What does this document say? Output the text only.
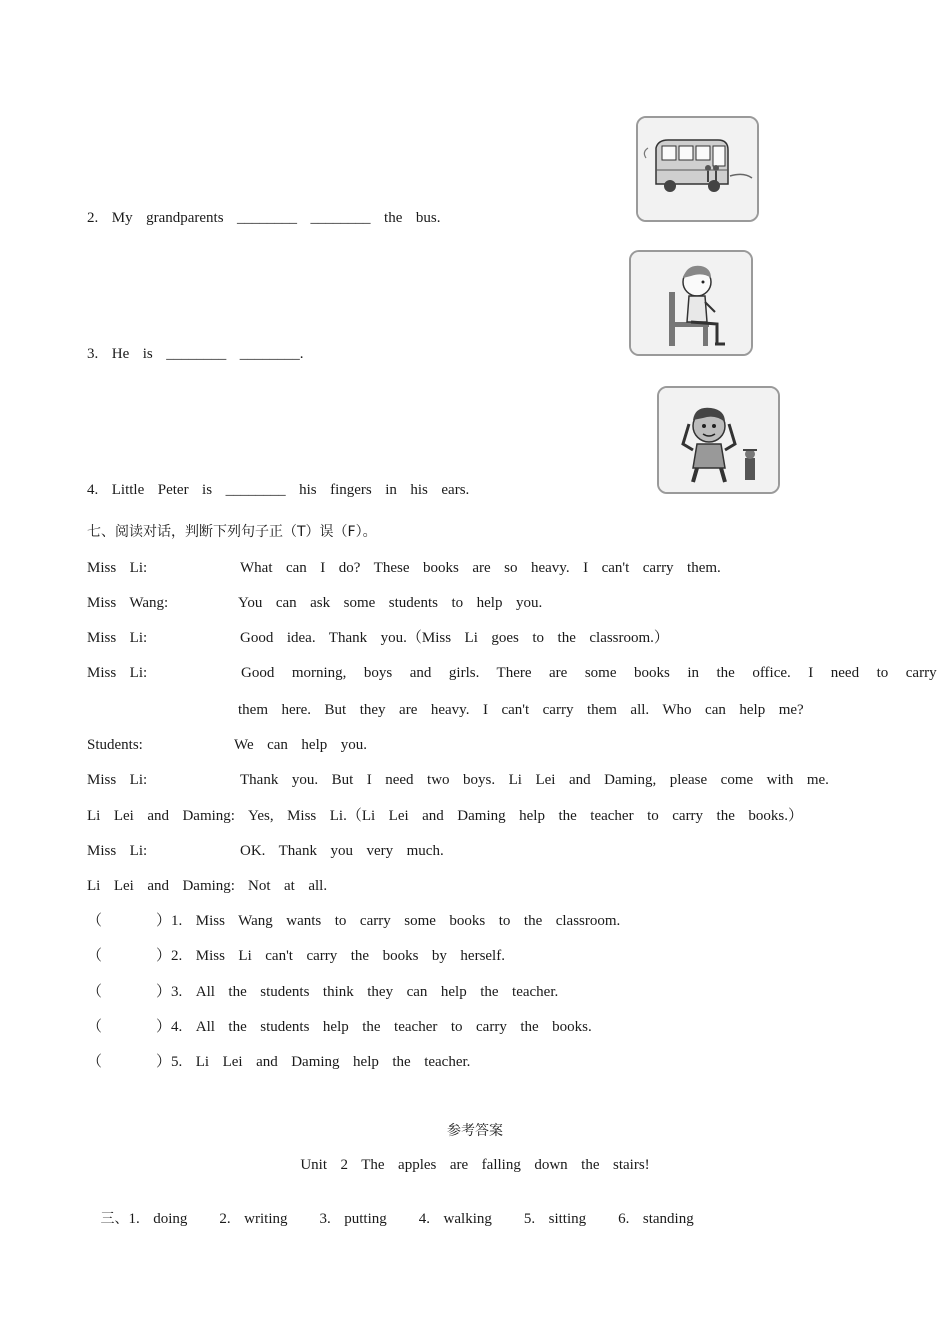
2.  My  grandparents  ________  ________  the  bus.
3.  He  is  ________  ________.
4.  Little  Peter  is  ________  his  fingers  in  his  ears.
七、阅读对话，判断下列句子正（T）误（F）。
Miss  Li:	What  can  I  do?  These  books  are  so  heavy.  I  can't  carry  them.
Miss  Wang:	You  can  ask  some  students  to  help  you.
Miss  Li:	Good  idea.  Thank  you.（Miss  Li  goes  to  the  classroom.）
Miss  Li:	Good  morning,  boys  and  girls.  There  are  some  books  in  the  office.  I  need  to  carry
them  here.  But  they  are  heavy.  I  can't  carry  them  all.  Who  can  help  me?
Students:	We  can  help  you.
Miss  Li:	Thank  you.  But  I  need  two  boys.  Li  Lei  and  Daming,  please  come  with  me.
Li  Lei  and  Daming: Yes,  Miss  Li.（Li  Lei  and  Daming  help  the  teacher  to  carry  the  books.）
Miss  Li:	OK.  Thank  you  very  much.
Li  Lei  and  Daming: Not  at  all.
（        ）1.  Miss  Wang  wants  to  carry  some  books  to  the  classroom.
（        ）2.  Miss  Li  can't  carry  the  books  by  herself.
（        ）3.  All  the  students  think  they  can  help  the  teacher.
（        ）4.  All  the  students  help  the  teacher  to  carry  the  books.
（        ）5.  Li  Lei  and  Daming  help  the  teacher.
参考答案
Unit  2  The  apples  are  falling  down  the  stairs!

三、1.  doing 2.  writing 3.  putting 4.  walking 5.  sitting 6.  standing
